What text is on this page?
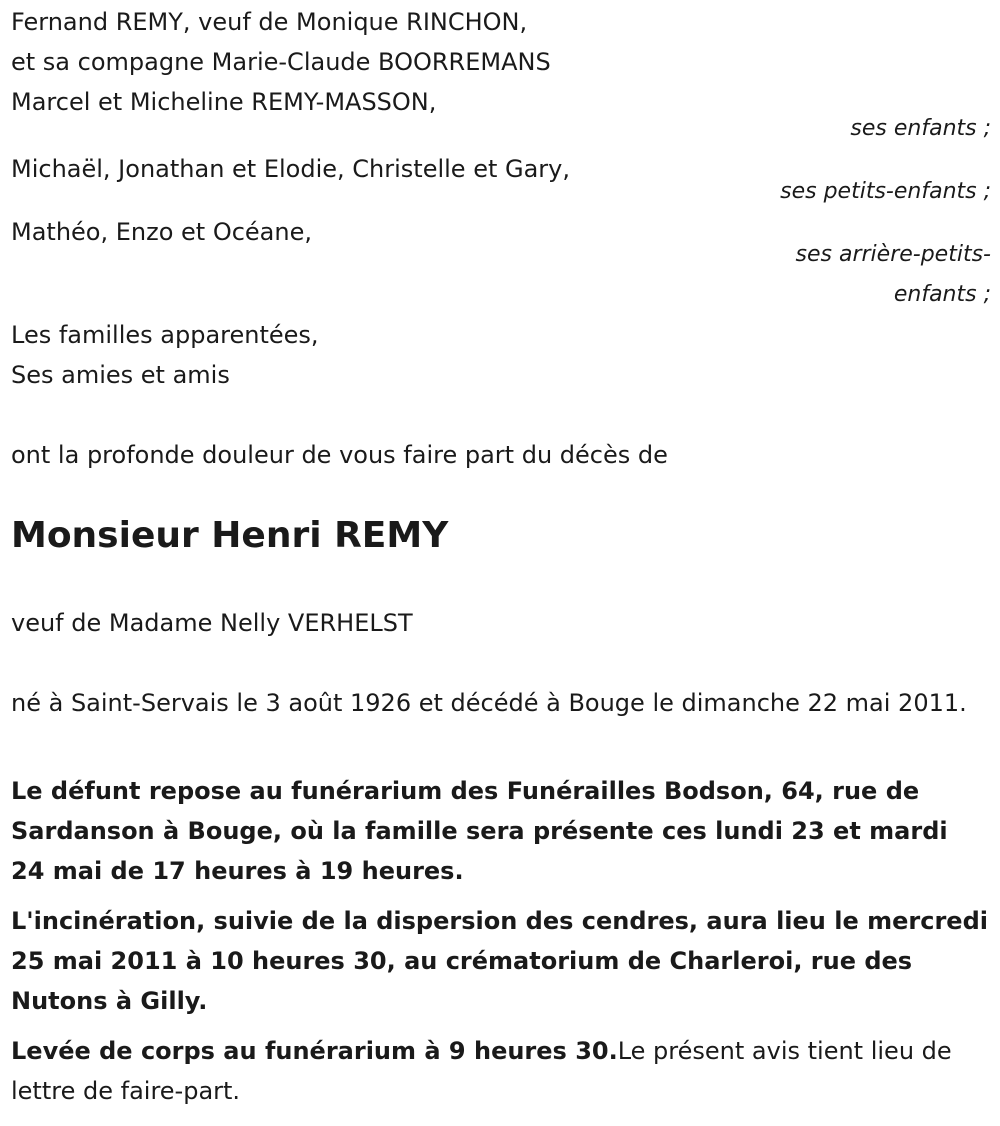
Fernand REMY, veuf de Monique RINCHON,
et sa compagne Marie-Claude BOORREMANS
Marcel et Micheline REMY-MASSON,
ses enfants ;
Michaël, Jonathan et Elodie, Christelle et Gary,
ses petits-enfants ;
Mathéo, Enzo et Océane,
ses arrière-petits-
enfants ;
Les familles apparentées,
Ses amies et amis
ont la profonde douleur de vous faire part du décès de
Monsieur Henri REMY
veuf de Madame Nelly VERHELST
né à Saint-Servais le 3 août 1926 et décédé à Bouge le dimanche 22 mai 2011.
Le défunt repose au funérarium des Funérailles Bodson, 64, rue de Sardanson à Bouge, où la famille sera présente ces lundi 23 et mardi 24 mai de 17 heures à 19 heures.
L'incinération, suivie de la dispersion des cendres, aura lieu le mercredi 25 mai 2011 à 10 heures 30, au crématorium de Charleroi, rue des Nutons à Gilly.
Levée de corps au funérarium à 9 heures 30.Le présent avis tient lieu de lettre de faire-part.
